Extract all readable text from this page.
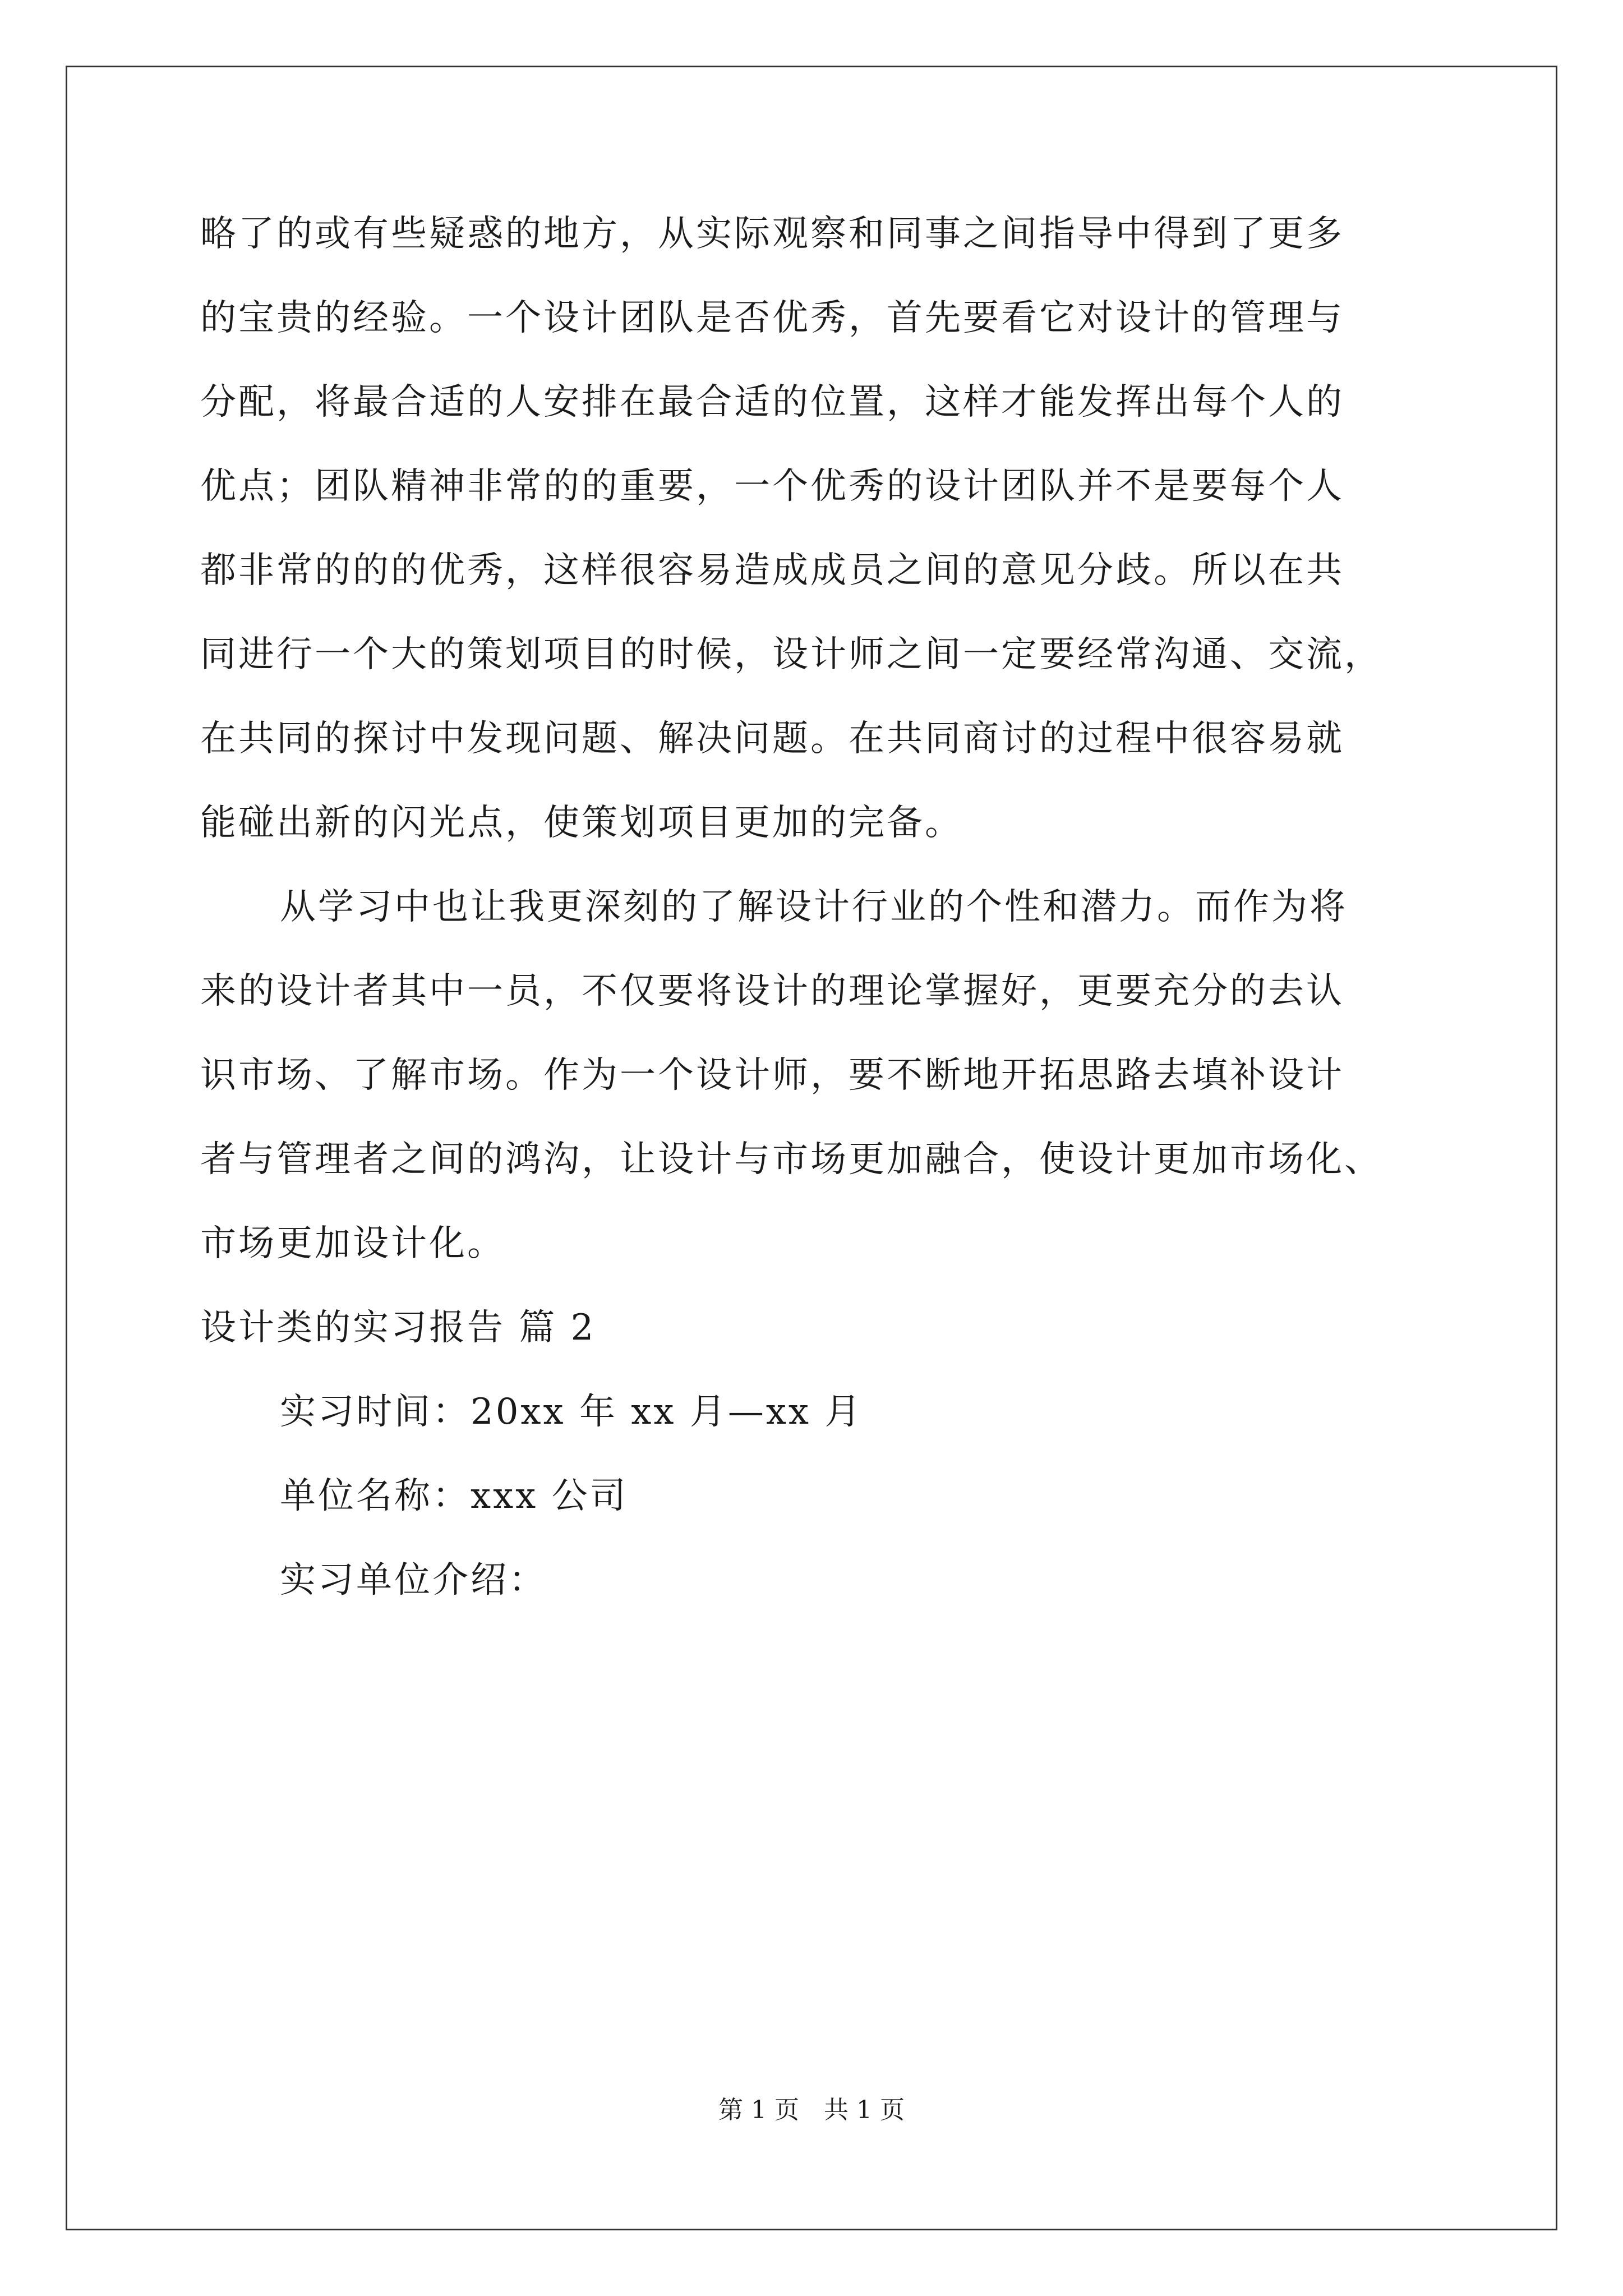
略了的或有些疑惑的地方，从实际观察和同事之间指导中得到了更多
的宝贵的经验。一个设计团队是否优秀，首先要看它对设计的管理与
分配，将最合适的人安排在最合适的位置，这样才能发挥出每个人的
优点；团队精神非常的的重要，一个优秀的设计团队并不是要每个人
都非常的的的优秀，这样很容易造成成员之间的意见分歧。所以在共
同进行一个大的策划项目的时候，设计师之间一定要经常沟通、交流，
在共同的探讨中发现问题、解决问题。在共同商讨的过程中很容易就
能碰出新的闪光点，使策划项目更加的完备。
从学习中也让我更深刻的了解设计行业的个性和潜力。而作为将
来的设计者其中一员，不仅要将设计的理论掌握好，更要充分的去认
识市场、了解市场。作为一个设计师，要不断地开拓思路去填补设计
者与管理者之间的鸿沟，让设计与市场更加融合，使设计更加市场化、
市场更加设计化。
设计类的实习报告 篇 2
实习时间：20xx 年 xx 月—xx 月
单位名称：xxx 公司
实习单位介绍：
第 1 页　共 1 页
